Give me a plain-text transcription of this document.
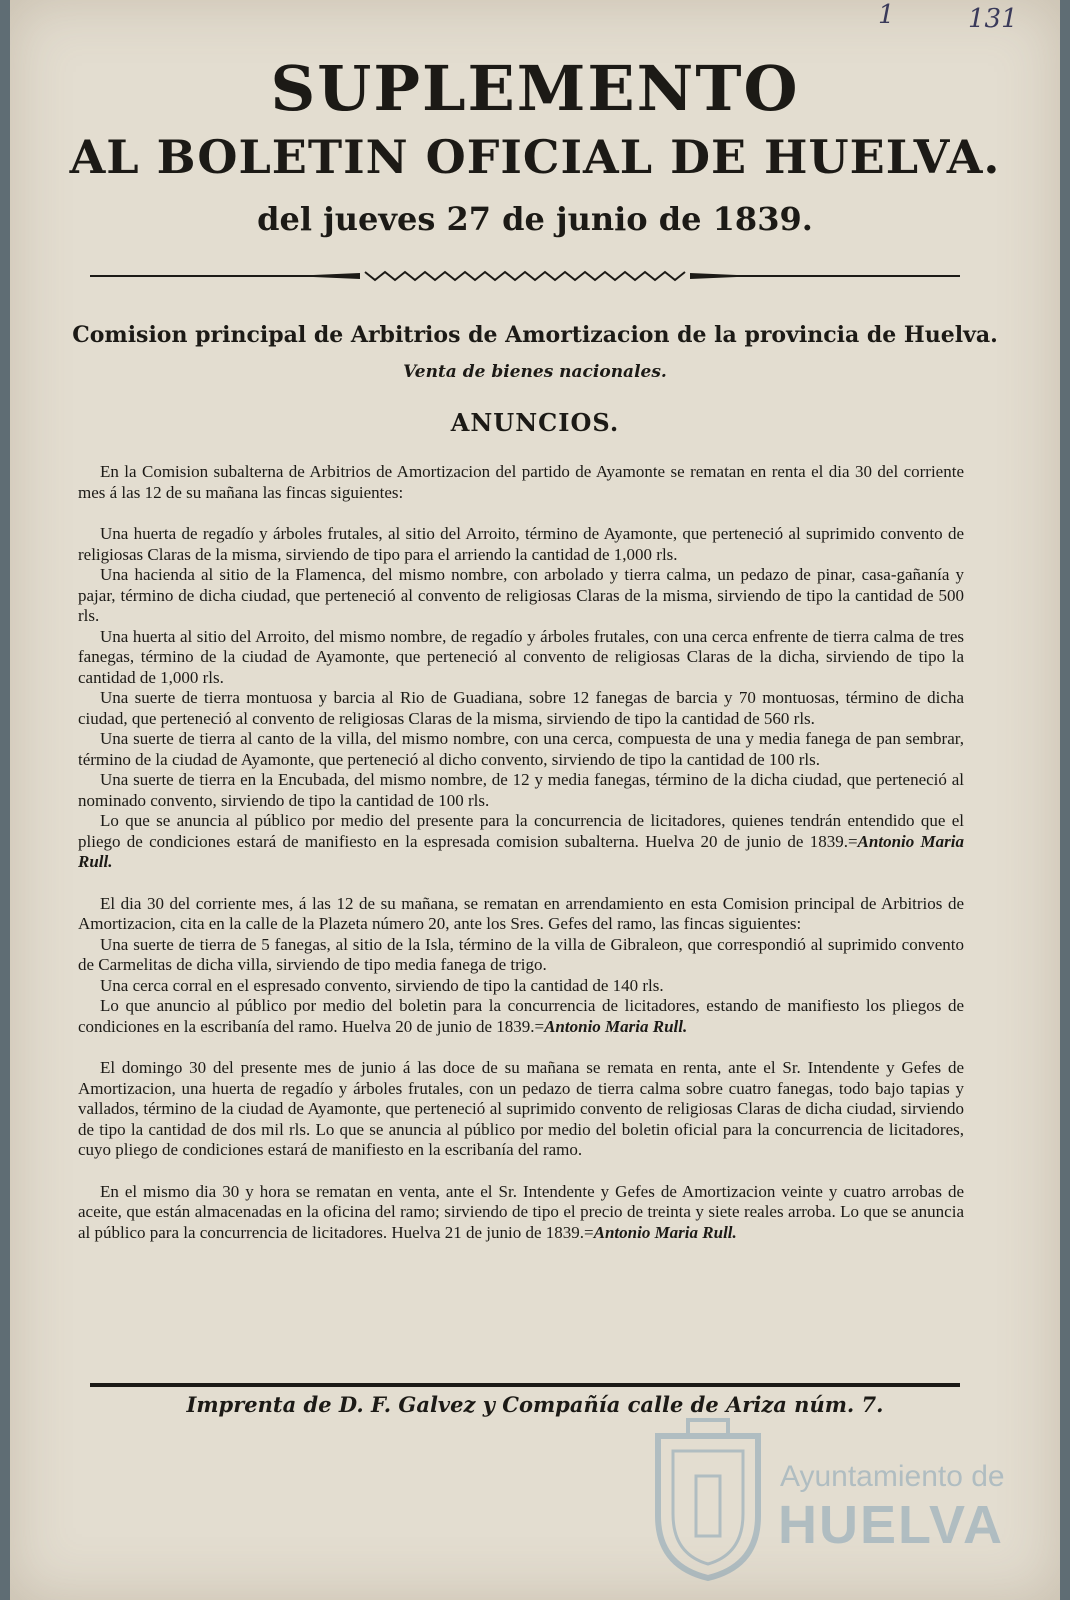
1	131
SUPLEMENTO
AL BOLETIN OFICIAL DE HUELVA.
del jueves 27 de junio de 1839.
Comision principal de Arbitrios de Amortizacion de la provincia de Huelva.
Venta de bienes nacionales.
ANUNCIOS.

En la Comision subalterna de Arbitrios de Amortizacion del partido de Ayamonte se rematan en renta el dia 30 del corriente mes á las 12 de su mañana las fincas siguientes:

Una huerta de regadío y árboles frutales, al sitio del Arroito, término de Ayamonte, que perteneció al suprimido convento de religiosas Claras de la misma, sirviendo de tipo para el arriendo la cantidad de 1,000 rls.

Una hacienda al sitio de la Flamenca, del mismo nombre, con arbolado y tierra calma, un pedazo de pinar, casa-gañanía y pajar, término de dicha ciudad, que perteneció al convento de religiosas Claras de la misma, sirviendo de tipo la cantidad de 500 rls.

Una huerta al sitio del Arroito, del mismo nombre, de regadío y árboles frutales, con una cerca enfrente de tierra calma de tres fanegas, término de la ciudad de Ayamonte, que perteneció al convento de religiosas Claras de la dicha, sirviendo de tipo la cantidad de 1,000 rls.

Una suerte de tierra montuosa y barcia al Rio de Guadiana, sobre 12 fanegas de barcia y 70 montuosas, término de dicha ciudad, que perteneció al convento de religiosas Claras de la misma, sirviendo de tipo la cantidad de 560 rls.

Una suerte de tierra al canto de la villa, del mismo nombre, con una cerca, compuesta de una y media fanega de pan sembrar, término de la ciudad de Ayamonte, que perteneció al dicho convento, sirviendo de tipo la cantidad de 100 rls.

Una suerte de tierra en la Encubada, del mismo nombre, de 12 y media fanegas, término de la dicha ciudad, que perteneció al nominado convento, sirviendo de tipo la cantidad de 100 rls.

Lo que se anuncia al público por medio del presente para la concurrencia de licitadores, quienes tendrán entendido que el pliego de condiciones estará de manifiesto en la espresada comision subalterna. Huelva 20 de junio de 1839.=Antonio Maria Rull.

El dia 30 del corriente mes, á las 12 de su mañana, se rematan en arrendamiento en esta Comision principal de Arbitrios de Amortizacion, cita en la calle de la Plazeta número 20, ante los Sres. Gefes del ramo, las fincas siguientes:

Una suerte de tierra de 5 fanegas, al sitio de la Isla, término de la villa de Gibraleon, que correspondió al suprimido convento de Carmelitas de dicha villa, sirviendo de tipo media fanega de trigo.

Una cerca corral en el espresado convento, sirviendo de tipo la cantidad de 140 rls.

Lo que anuncio al público por medio del boletin para la concurrencia de licitadores, estando de manifiesto los pliegos de condiciones en la escribanía del ramo. Huelva 20 de junio de 1839.=Antonio Maria Rull.

El domingo 30 del presente mes de junio á las doce de su mañana se remata en renta, ante el Sr. Intendente y Gefes de Amortizacion, una huerta de regadío y árboles frutales, con un pedazo de tierra calma sobre cuatro fanegas, todo bajo tapias y vallados, término de la ciudad de Ayamonte, que perteneció al suprimido convento de religiosas Claras de dicha ciudad, sirviendo de tipo la cantidad de dos mil rls. Lo que se anuncia al público por medio del boletin oficial para la concurrencia de licitadores, cuyo pliego de condiciones estará de manifiesto en la escribanía del ramo.

En el mismo dia 30 y hora se rematan en venta, ante el Sr. Intendente y Gefes de Amortizacion veinte y cuatro arrobas de aceite, que están almacenadas en la oficina del ramo; sirviendo de tipo el precio de treinta y siete reales arroba. Lo que se anuncia al público para la concurrencia de licitadores. Huelva 21 de junio de 1839.=Antonio Maria Rull.

Imprenta de D. F. Galvez y Compañía calle de Ariza núm. 7.
Ayuntamiento de
HUELVA
